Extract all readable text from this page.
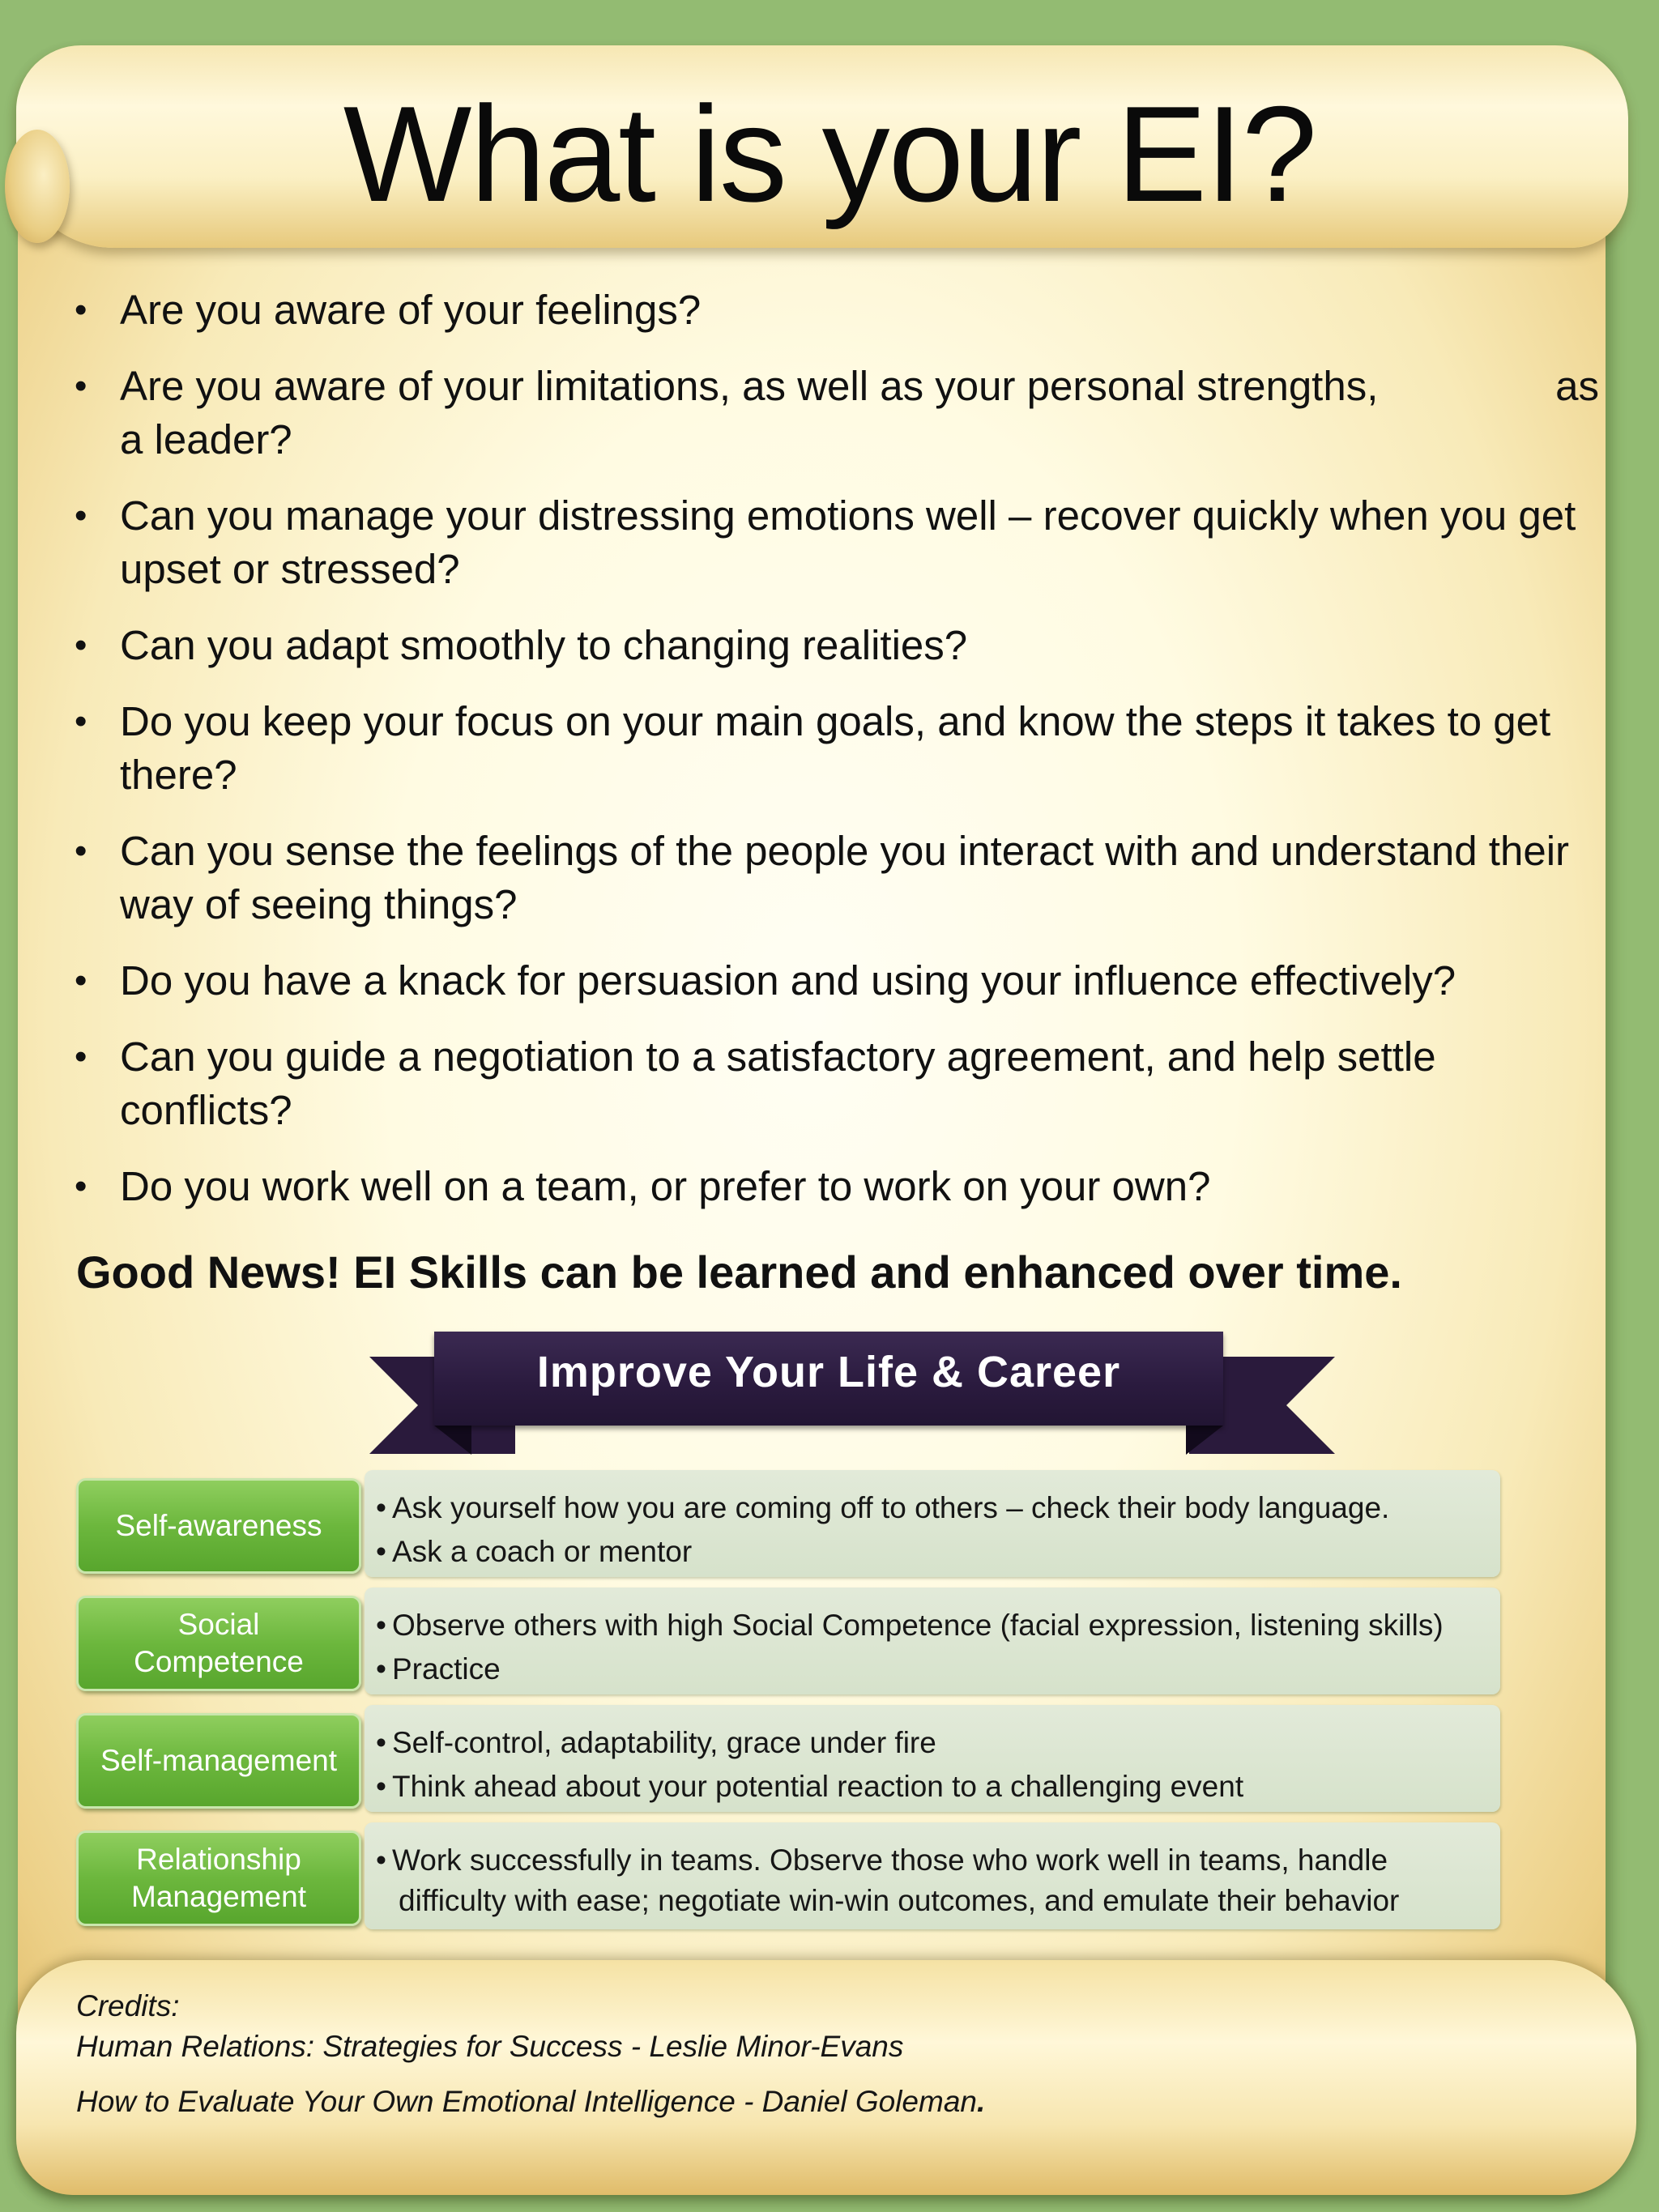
What is your EI?
• Are you aware of your feelings?
• Are you aware of your limitations, as well as your personal strengths,	as

a leader?
• Can you manage your distressing emotions well – recover quickly when you get upset or stressed?
• Can you adapt smoothly to changing realities?
• Do you keep your focus on your main goals, and know the steps it takes to get there?
• Can you sense the feelings of the people you interact with and understand their way of seeing things?
• Do you have a knack for persuasion and using your influence effectively?
• Can you guide a negotiation to a satisfactory agreement, and help settle conflicts?
• Do you work well on a team, or prefer to work on your own?
Good News! EI Skills can be learned and enhanced over time.
Improve Your Life & Career
Self-awareness
• Ask yourself how you are coming off to others – check their body language.
• Ask a coach or mentor
Social Competence
• Observe others with high Social Competence (facial expression, listening skills)
• Practice
Self-management
• Self-control, adaptability, grace under fire
• Think ahead about your potential reaction to a challenging event
Relationship Management
• Work successfully in teams. Observe those who work well in teams, handle
difficulty with ease; negotiate win-win outcomes, and emulate their behavior
Credits:
Human Relations: Strategies for Success - Leslie Minor-Evans
How to Evaluate Your Own Emotional Intelligence - Daniel Goleman.
